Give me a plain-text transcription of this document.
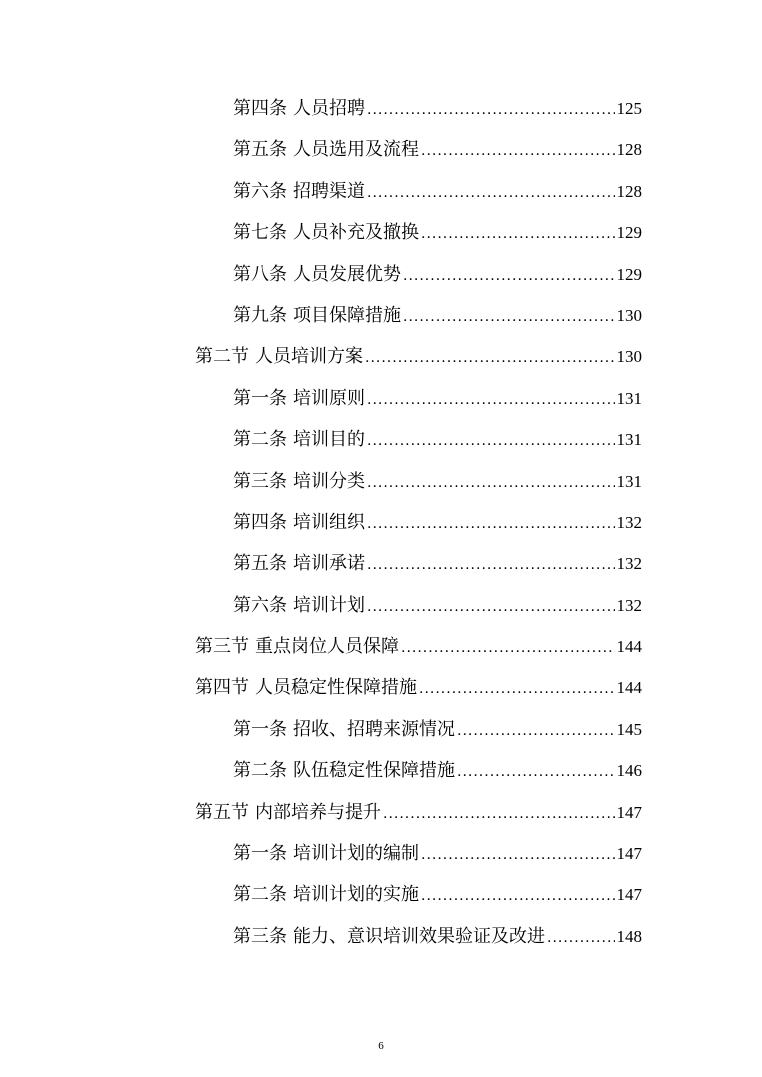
第四条 人员招聘 .....	125
第五条 人员选用及流程 .....	128
第六条 招聘渠道 .....	128
第七条 人员补充及撤换 .....	129
第八条 人员发展优势 .....	129
第九条 项目保障措施 .....	130
第二节 人员培训方案 .....	130
第一条 培训原则 .....	131
第二条 培训目的 .....	131
第三条 培训分类 .....	131
第四条 培训组织 .....	132
第五条 培训承诺 .....	132
第六条 培训计划 .....	132
第三节 重点岗位人员保障 .....	144
第四节 人员稳定性保障措施 .....	144
第一条 招收、招聘来源情况 .....	145
第二条 队伍稳定性保障措施 .....	146
第五节 内部培养与提升 .....	147
第一条 培训计划的编制 .....	147
第二条 培训计划的实施 .....	147
第三条 能力、意识培训效果验证及改进 .....	148
6
